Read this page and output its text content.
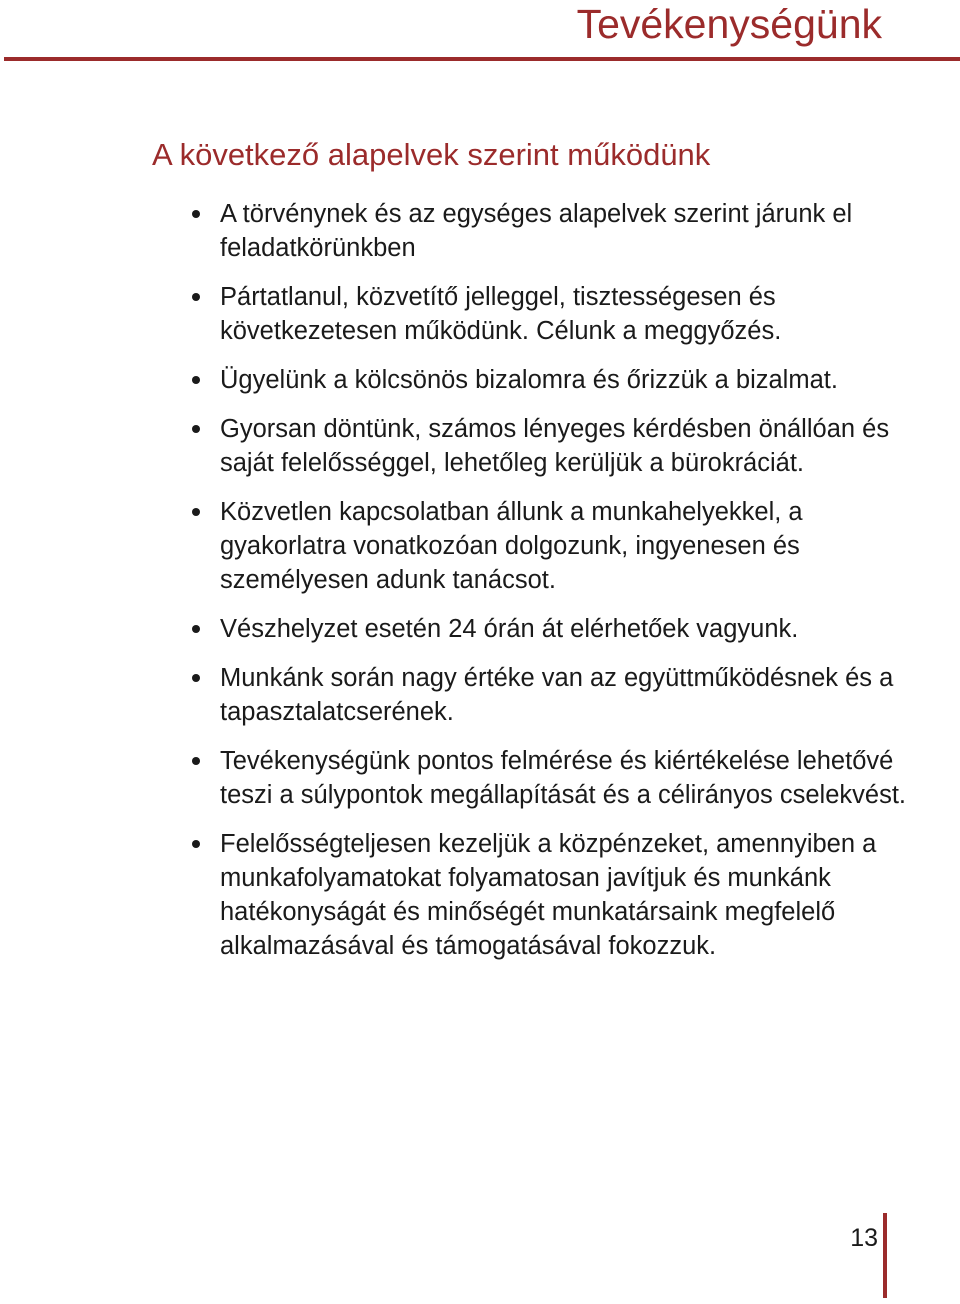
Tevékenységünk
A következő alapelvek szerint működünk
A törvénynek és az egységes alapelvek szerint járunk el feladatkörünkben
Pártatlanul, közvetítő jelleggel, tisztességesen és következetesen működünk. Célunk a meggyőzés.
Ügyelünk a kölcsönös bizalomra és őrizzük a bizalmat.
Gyorsan döntünk, számos lényeges kérdésben önállóan és saját felelősséggel, lehetőleg kerüljük a bürokráciát.
Közvetlen kapcsolatban állunk a munkahelyekkel, a gyakorlatra vonatkozóan dolgozunk, ingyenesen és személyesen adunk tanácsot.
Vészhelyzet esetén 24 órán át elérhetőek vagyunk.
Munkánk során nagy értéke van az együttműködésnek és a tapasztalatcserének.
Tevékenységünk pontos felmérése és kiértékelése lehetővé teszi a súlypontok megállapítását és a célirányos cselekvést.
Felelősségteljesen kezeljük a közpénzeket, amennyiben a munkafolyamatokat folyamatosan javítjuk és munkánk hatékonyságát és minőségét munkatársaink megfelelő alkalmazásával és támogatásával fokozzuk.
13
